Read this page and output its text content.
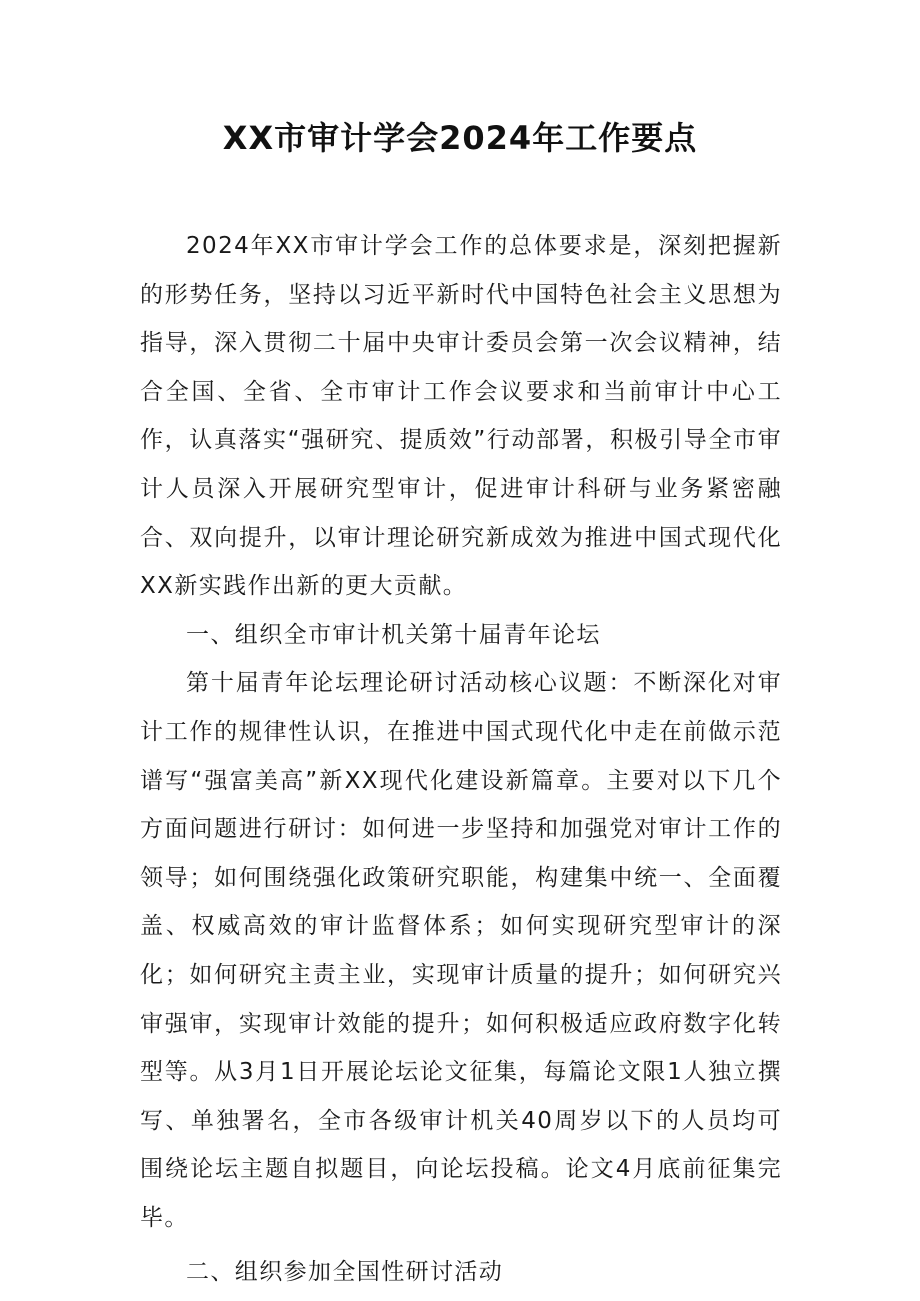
XX市审计学会2024年工作要点

2024年XX市审计学会工作的总体要求是，深刻把握新的形势任务，坚持以习近平新时代中国特色社会主义思想为指导，深入贯彻二十届中央审计委员会第一次会议精神，结合全国、全省、全市审计工作会议要求和当前审计中心工作，认真落实“强研究、提质效”行动部署，积极引导全市审计人员深入开展研究型审计，促进审计科研与业务紧密融合、双向提升，以审计理论研究新成效为推进中国式现代化XX新实践作出新的更大贡献。

一、组织全市审计机关第十届青年论坛

第十届青年论坛理论研讨活动核心议题：不断深化对审计工作的规律性认识，在推进中国式现代化中走在前做示范谱写“强富美高”新XX现代化建设新篇章。主要对以下几个方面问题进行研讨：如何进一步坚持和加强党对审计工作的领导；如何围绕强化政策研究职能，构建集中统一、全面覆盖、权威高效的审计监督体系；如何实现研究型审计的深化；如何研究主责主业，实现审计质量的提升；如何研究兴审强审，实现审计效能的提升；如何积极适应政府数字化转型等。从3月1日开展论坛论文征集，每篇论文限1人独立撰写、单独署名，全市各级审计机关40周岁以下的人员均可围绕论坛主题自拟题目，向论坛投稿。论文4月底前征集完毕。

二、组织参加全国性研讨活动
